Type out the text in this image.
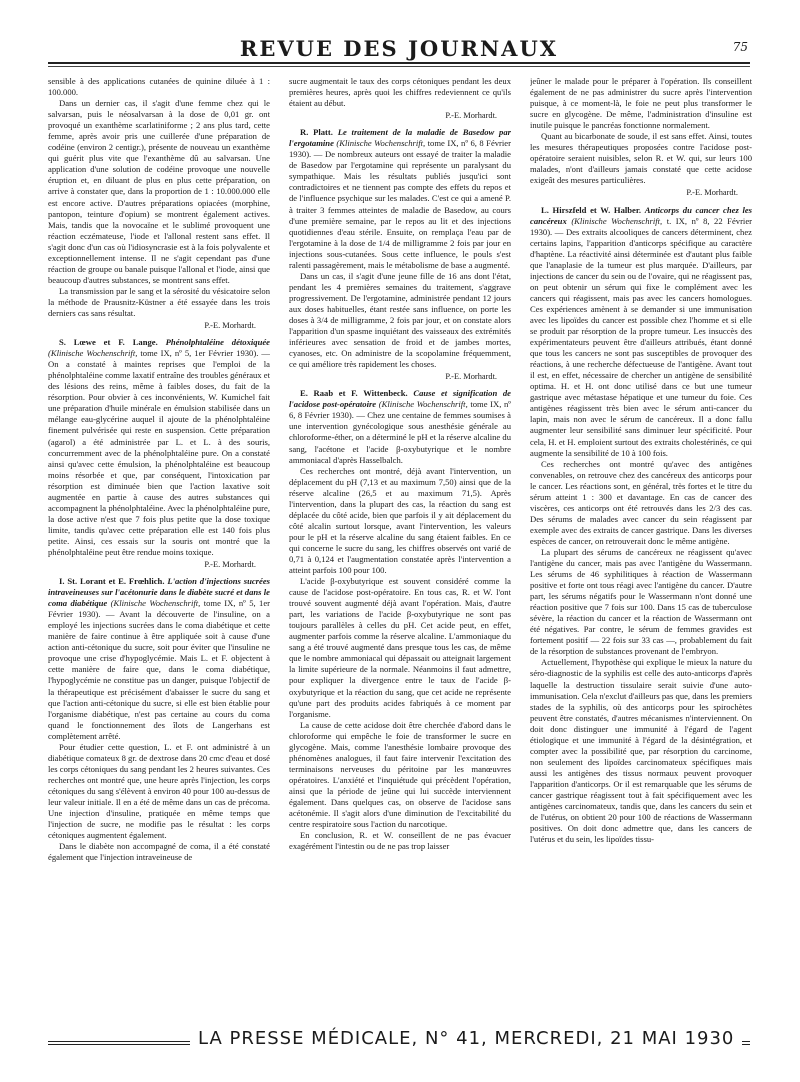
REVUE DES JOURNAUX	75

sensible à des applications cutanées de quinine diluée à 1 : 100.000.

Dans un dernier cas, il s'agit d'une femme chez qui le salvarsan, puis le néosalvarsan à la dose de 0,01 gr. ont provoqué un exanthème scarlatiniforme ; 2 ans plus tard, cette femme, après avoir pris une cuillerée d'une préparation de codéine (environ 2 centigr.), présente de nouveau un exanthème qui guérit plus vite que l'exanthème dû au salvarsan. Une application d'une solution de codéine provoque une nouvelle éruption et, en diluant de plus en plus cette préparation, on arrive à constater que, dans la proportion de 1 : 10.000.000 elle est encore active. D'autres préparations opiacées (morphine, pantopon, teinture d'opium) se montrent également actives. Mais, tandis que la novocaïne et le sublimé provoquent une réaction eczémateuse, l'iode et l'allonal restent sans effet. Il s'agit donc d'un cas où l'idiosyncrasie est à la fois polyvalente et exceptionnellement intense. Il ne s'agit cependant pas d'une réaction de groupe ou banale puisque l'allonal et l'iode, ainsi que beaucoup d'autres substances, se montrent sans effet.

La transmission par le sang et la sérosité du vésicatoire selon la méthode de Prausnitz-Küstner a été essayée dans les trois derniers cas sans résultat.

P.-E. Morhardt.

S. Lœwe et F. Lange. Phénolphtaléine détoxiquée (Klinische Wochenschrift, tome IX, nº 5, 1er Février 1930). — On a constaté à maintes reprises que l'emploi de la phénolphtaléine comme laxatif entraîne des troubles généraux et des lésions des reins, même à faibles doses, du fait de la résorption. Pour obvier à ces inconvénients, W. Kumichel fait une préparation d'huile minérale en émulsion stabilisée dans un mélange eau-glycérine auquel il ajoute de la phénolphtaléine finement pulvérisée qui reste en suspension. Cette préparation (agarol) a été administrée par L. et L. à des souris, concurremment avec de la phénolphtaléine pure. On a constaté ainsi qu'avec cette émulsion, la phénolphtaléine est beaucoup moins résorbée et que, par conséquent, l'intoxication par résorption est diminuée bien que l'action laxative soit augmentée en partie à cause des autres substances qui accompagnent la phénolphtaléine. Avec la phénolphtaléine pure, la dose active n'est que 7 fois plus petite que la dose toxique limite, tandis qu'avec cette préparation elle est 140 fois plus petite. Ainsi, ces essais sur la souris ont montré que la phénolphtaléine peut être rendue moins toxique.

P.-E. Morhardt.

I. St. Lorant et E. Frœhlich. L'action d'injections sucrées intraveineuses sur l'acétonurie dans le diabète sucré et dans le coma diabétique (Klinische Wochenschrift, tome IX, nº 5, 1er Février 1930). — Avant la découverte de l'insuline, on a employé les injections sucrées dans le coma diabétique et cette manière de faire continue à être appliquée soit à cause d'une action anti-cétonique du sucre, soit pour éviter que l'insuline ne provoque une crise d'hypoglycémie. Mais L. et F. objectent à cette manière de faire que, dans le coma diabétique, l'hypoglycémie ne constitue pas un danger, puisque l'objectif de la thérapeutique est précisément d'abaisser le sucre du sang et que l'action anti-cétonique du sucre, si elle est bien établie pour l'organisme diabétique, n'est pas certaine au cours du coma quand le fonctionnement des îlots de Langerhans est complètement arrêté.

Pour étudier cette question, L. et F. ont administré à un diabétique comateux 8 gr. de dextrose dans 20 cmc d'eau et dosé les corps cétoniques du sang pendant les 2 heures suivantes. Ces recherches ont montré que, une heure après l'injection, les corps cétoniques du sang s'élèvent à environ 40 pour 100 au-dessus de leur valeur initiale. Il en a été de même dans un cas de précoma. Une injection d'insuline, pratiquée en même temps que l'injection de sucre, ne modifie pas le résultat : les corps cétoniques augmentent également.

Dans le diabète non accompagné de coma, il a été constaté également que l'injection intraveineuse de

sucre augmentait le taux des corps cétoniques pendant les deux premières heures, après quoi les chiffres redeviennent ce qu'ils étaient au début.

P.-E. Morhardt.

R. Platt. Le traitement de la maladie de Basedow par l'ergotamine (Klinische Wochenschrift, tome IX, nº 6, 8 Février 1930). — De nombreux auteurs ont essayé de traiter la maladie de Basedow par l'ergotamine qui représente un paralysant du sympathique. Mais les résultats publiés jusqu'ici sont contradictoires et ne tiennent pas compte des effets du repos et de l'influence psychique sur les malades. C'est ce qui a amené P. à traiter 3 femmes atteintes de maladie de Basedow, au cours d'une première semaine, par le repos au lit et des injections quotidiennes d'eau stérile. Ensuite, on remplaça l'eau par de l'ergotamine à la dose de 1/4 de milligramme 2 fois par jour en injections sous-cutanées. Sous cette influence, le pouls s'est ralenti passagèrement, mais le métabolisme de base a augmenté.

Dans un cas, il s'agit d'une jeune fille de 16 ans dont l'état, pendant les 4 premières semaines du traitement, s'aggrave progressivement. De l'ergotamine, administrée pendant 12 jours aux doses habituelles, étant restée sans influence, on porte les doses à 3/4 de milligramme, 2 fois par jour, et on constate alors l'apparition d'un spasme inquiétant des vaisseaux des extrémités inférieures avec sensation de froid et de jambes mortes, cyanoses, etc. On administre de la scopolamine fréquemment, ce qui améliore très rapidement les choses.

P.-E. Morhardt.

E. Raab et F. Wittenbeck. Cause et signification de l'acidose post-opératoire (Klinische Wochenschrift, tome IX, nº 6, 8 Février 1930). — Chez une centaine de femmes soumises à une intervention gynécologique sous anesthésie générale au chloroforme-éther, on a déterminé le pH et la réserve alcaline du sang, l'acétone et l'acide β-oxybutyrique et le nombre ammoniacal d'après Hasselbalch.

Ces recherches ont montré, déjà avant l'intervention, un déplacement du pH (7,13 et au maximum 7,50) ainsi que de la réserve alcaline (26,5 et au maximum 71,5). Après l'intervention, dans la plupart des cas, la réaction du sang est déplacée du côté acide, bien que parfois il y ait déplacement du côté alcalin surtout lorsque, avant l'intervention, les valeurs pour le pH et la réserve alcaline du sang étaient faibles. En ce qui concerne le sucre du sang, les chiffres observés ont varié de 0,71 à 0,124 et l'augmentation constatée après l'intervention a atteint parfois 100 pour 100.

L'acide β-oxybutyrique est souvent considéré comme la cause de l'acidose post-opératoire. En tous cas, R. et W. l'ont trouvé souvent augmenté déjà avant l'opération. Mais, d'autre part, les variations de l'acide β-oxybutyrique ne sont pas toujours parallèles à celles du pH. Cet acide peut, en effet, augmenter parfois comme la réserve alcaline. L'ammoniaque du sang a été trouvé augmenté dans presque tous les cas, de même que le nombre ammoniacal qui dépassait ou atteignait largement la limite supérieure de la normale. Néanmoins il faut admettre, pour expliquer la divergence entre le taux de l'acide β-oxybutyrique et la réaction du sang, que cet acide ne représente qu'une part des produits acides fabriqués à ce moment par l'organisme.

La cause de cette acidose doit être cherchée d'abord dans le chloroforme qui empêche le foie de transformer le sucre en glycogène. Mais, comme l'anesthésie lombaire provoque des phénomènes analogues, il faut faire intervenir l'excitation des terminaisons nerveuses du péritoine par les manœuvres opératoires. L'anxiété et l'inquiétude qui précèdent l'opération, ainsi que la période de jeûne qui lui succède interviennent également. Dans quelques cas, on observe de l'acidose sans acétonémie. Il s'agit alors d'une diminution de l'excitabilité du centre respiratoire sous l'action du narcotique.

En conclusion, R. et W. conseillent de ne pas évacuer exagérément l'intestin ou de ne pas trop laisser

jeûner le malade pour le préparer à l'opération. Ils conseillent également de ne pas administrer du sucre après l'intervention puisque, à ce moment-là, le foie ne peut plus transformer le sucre en glycogène. De même, l'administration d'insuline est inutile puisque le pancréas fonctionne normalement.

Quant au bicarbonate de soude, il est sans effet. Ainsi, toutes les mesures thérapeutiques proposées contre l'acidose post-opératoire seraient nuisibles, selon R. et W. qui, sur leurs 100 malades, n'ont d'ailleurs jamais constaté que cette acidose exigeât des mesures particulières.

P.-E. Morhardt.

L. Hirszfeld et W. Halber. Anticorps du cancer chez les cancéreux (Klinische Wochenschrift, t. IX, nº 8, 22 Février 1930). — Des extraits alcooliques de cancers déterminent, chez certains lapins, l'apparition d'anticorps spécifique au caractère d'haptène. La réactivité ainsi déterminée est d'autant plus faible que l'anaplasie de la tumeur est plus marquée. D'ailleurs, par injections de cancer du sein ou de l'ovaire, qui ne réagissent pas, on peut obtenir un sérum qui fixe le complément avec les cancers qui réagissent, mais pas avec les cancers homologues. Ces expériences amènent à se demander si une immunisation avec les lipoïdes du cancer est possible chez l'homme et si elle se produit par résorption de la propre tumeur. Les insuccès des expérimentateurs peuvent être d'ailleurs attribués, étant donné que tous les cancers ne sont pas susceptibles de provoquer des réactions, à une recherche défectueuse de l'antigène. Avant tout il est, en effet, nécessaire de chercher un antigène de sensibilité optima. H. et H. ont donc utilisé dans ce but une tumeur gastrique avec métastase hépatique et une tumeur du foie. Ces antigènes réagissent très bien avec le sérum anti-cancer du lapin, mais non avec le sérum de cancéreux. Il a donc fallu augmenter leur sensibilité sans diminuer leur spécificité. Pour cela, H. et H. emploient surtout des extraits cholestérinés, ce qui augmente la sensibilité de 10 à 100 fois.

Ces recherches ont montré qu'avec des antigènes convenables, on retrouve chez des cancéreux des anticorps pour le cancer. Les réactions sont, en général, très fortes et le titre du sérum atteint 1 : 300 et davantage. En cas de cancer des viscères, ces anticorps ont été retrouvés dans les 2/3 des cas. Des sérums de malades avec cancer du sein réagissent par exemple avec des extraits de cancer gastrique. Dans les diverses espèces de cancer, on retrouverait donc le même antigène.

La plupart des sérums de cancéreux ne réagissent qu'avec l'antigène du cancer, mais pas avec l'antigène du Wassermann. Les sérums de 46 syphilitiques à réaction de Wassermann positive et forte ont tous réagi avec l'antigène du cancer. D'autre part, les sérums négatifs pour le Wassermann n'ont donné une réaction positive que 7 fois sur 100. Dans 15 cas de tuberculose sévère, la réaction du cancer et la réaction de Wassermann ont été négatives. Par contre, le sérum de femmes gravides est fortement positif — 22 fois sur 33 cas —, probablement du fait de la résorption de substances provenant de l'embryon.

Actuellement, l'hypothèse qui explique le mieux la nature du séro-diagnostic de la syphilis est celle des auto-anticorps d'après laquelle la destruction tissulaire serait suivie d'une auto-immunisation. Cela n'exclut d'ailleurs pas que, dans les premiers stades de la syphilis, où des anticorps pour les spirochètes peuvent être constatés, d'autres mécanismes n'interviennent. On doit donc distinguer une immunité à l'égard de l'agent étiologique et une immunité à l'égard de la désintégration, et compter avec la possibilité que, par résorption du carcinome, non seulement des lipoïdes carcinomateux spécifiques mais aussi les antigènes des tissus normaux peuvent provoquer l'apparition d'anticorps. Or il est remarquable que les sérums de cancer gastrique réagissent tout à fait spécifiquement avec les antigènes carcinomateux, tandis que, dans les cancers du sein et de l'utérus, on obtient 20 pour 100 de réactions de Wassermann positives. On doit donc admettre que, dans les cancers de l'utérus et du sein, les lipoïdes tissu-

LA PRESSE MÉDICALE, N° 41, MERCREDI, 21 MAI 1930
